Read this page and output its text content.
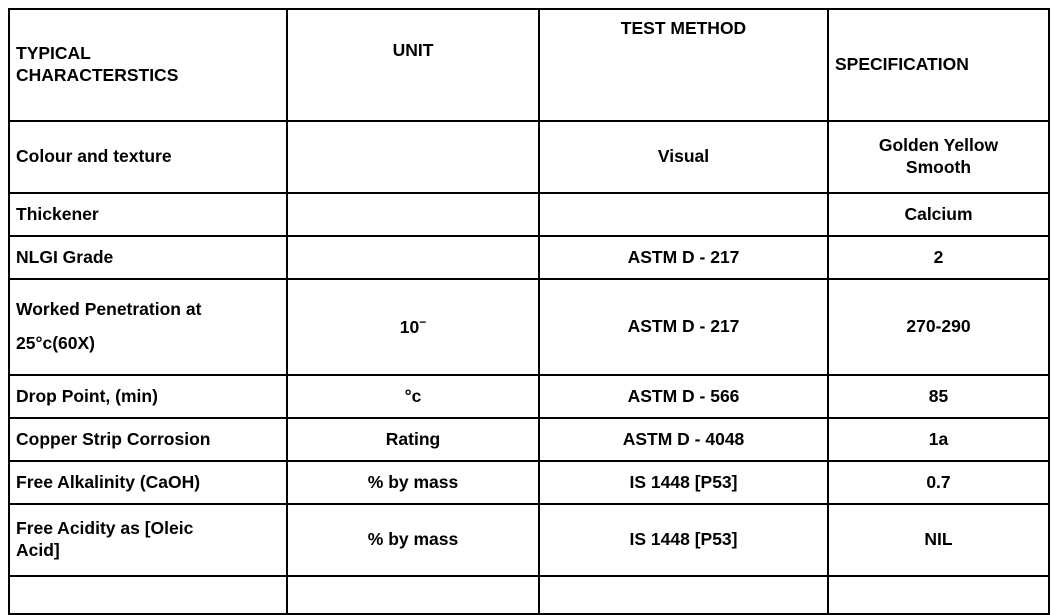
TYPICAL
CHARACTERSTICS	UNIT	TEST METHOD	SPECIFICATION
Colour and texture		Visual	Golden Yellow
Smooth

Thickener			Calcium
NLGI Grade		ASTM D - 217	2

Worked Penetration at
25°c(60X)	10−	ASTM D - 217	270-290
Drop Point, (min)	°c	ASTM D - 566	85
Copper Strip Corrosion	Rating	ASTM D - 4048	1a
Free Alkalinity (CaOH)	% by mass	IS 1448 [P53]	0.7

Free Acidity as [Oleic
Acid]	% by mass	IS 1448 [P53]	NIL
